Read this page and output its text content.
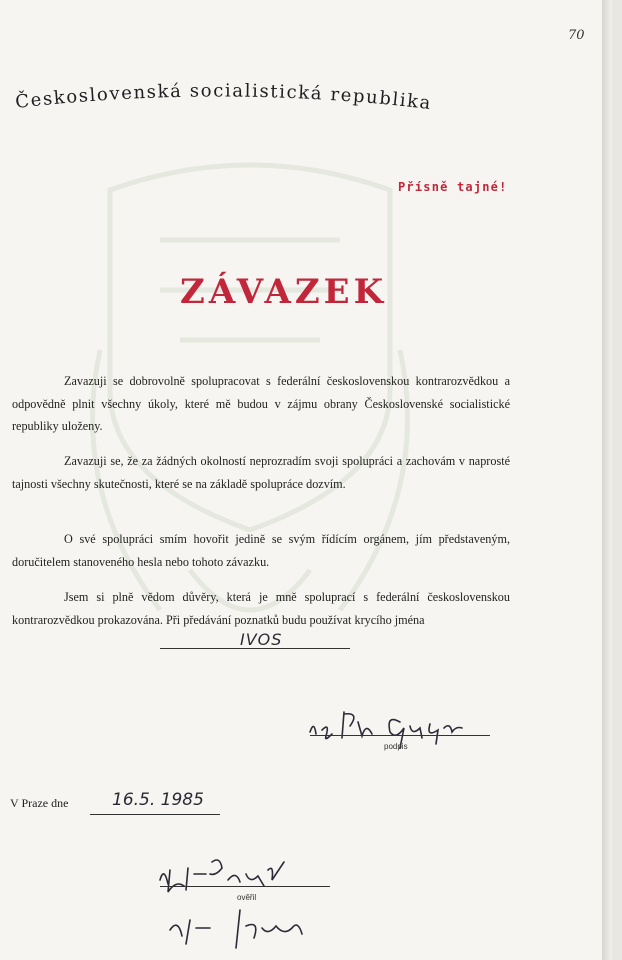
70
Československá socialistická republika
Přísně tajné!
ZÁVAZEK
Zavazuji se dobrovolně spolupracovat s federální československou kontrarozvědkou a odpovědně plnit všechny úkoly, které mě budou v zájmu obrany Československé socialistické republiky uloženy.
Zavazuji se, že za žádných okolností neprozradím svoji spolupráci a zachovám v naprosté tajnosti všechny skutečnosti, které se na základě spolupráce dozvím.
O své spolupráci smím hovořit jedině se svým řídícím orgánem, jím představeným, doručitelem stanoveného hesla nebo tohoto závazku.
Jsem si plně vědom důvěry, která je mně spoluprací s federální československou kontrarozvědkou prokazována. Při předávání poznatků budu používat krycího jména
IVOS
podpis
V Praze dne	16.5. 1985
ověřil
